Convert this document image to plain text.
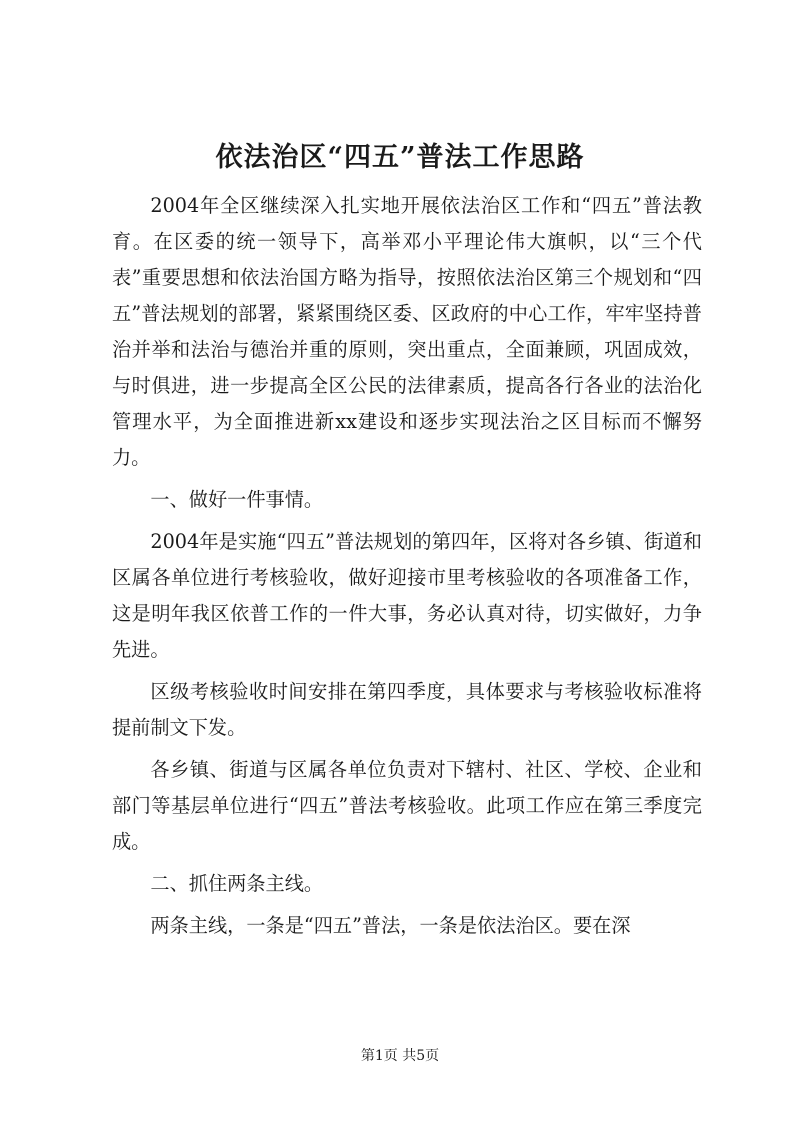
依法治区“四五”普法工作思路

2004年全区继续深入扎实地开展依法治区工作和“四五”普法教育。在区委的统一领导下，高举邓小平理论伟大旗帜，以“三个代表”重要思想和依法治国方略为指导，按照依法治区第三个规划和“四五”普法规划的部署，紧紧围绕区委、区政府的中心工作，牢牢坚持普治并举和法治与德治并重的原则，突出重点，全面兼顾，巩固成效，与时俱进，进一步提高全区公民的法律素质，提高各行各业的法治化管理水平，为全面推进新xx建设和逐步实现法治之区目标而不懈努力。

一、做好一件事情。

2004年是实施“四五”普法规划的第四年，区将对各乡镇、街道和区属各单位进行考核验收，做好迎接市里考核验收的各项准备工作，这是明年我区依普工作的一件大事，务必认真对待，切实做好，力争先进。

区级考核验收时间安排在第四季度，具体要求与考核验收标准将提前制文下发。

各乡镇、街道与区属各单位负责对下辖村、社区、学校、企业和部门等基层单位进行“四五”普法考核验收。此项工作应在第三季度完成。

二、抓住两条主线。

两条主线，一条是“四五”普法，一条是依法治区。要在深

第1页 共5页
